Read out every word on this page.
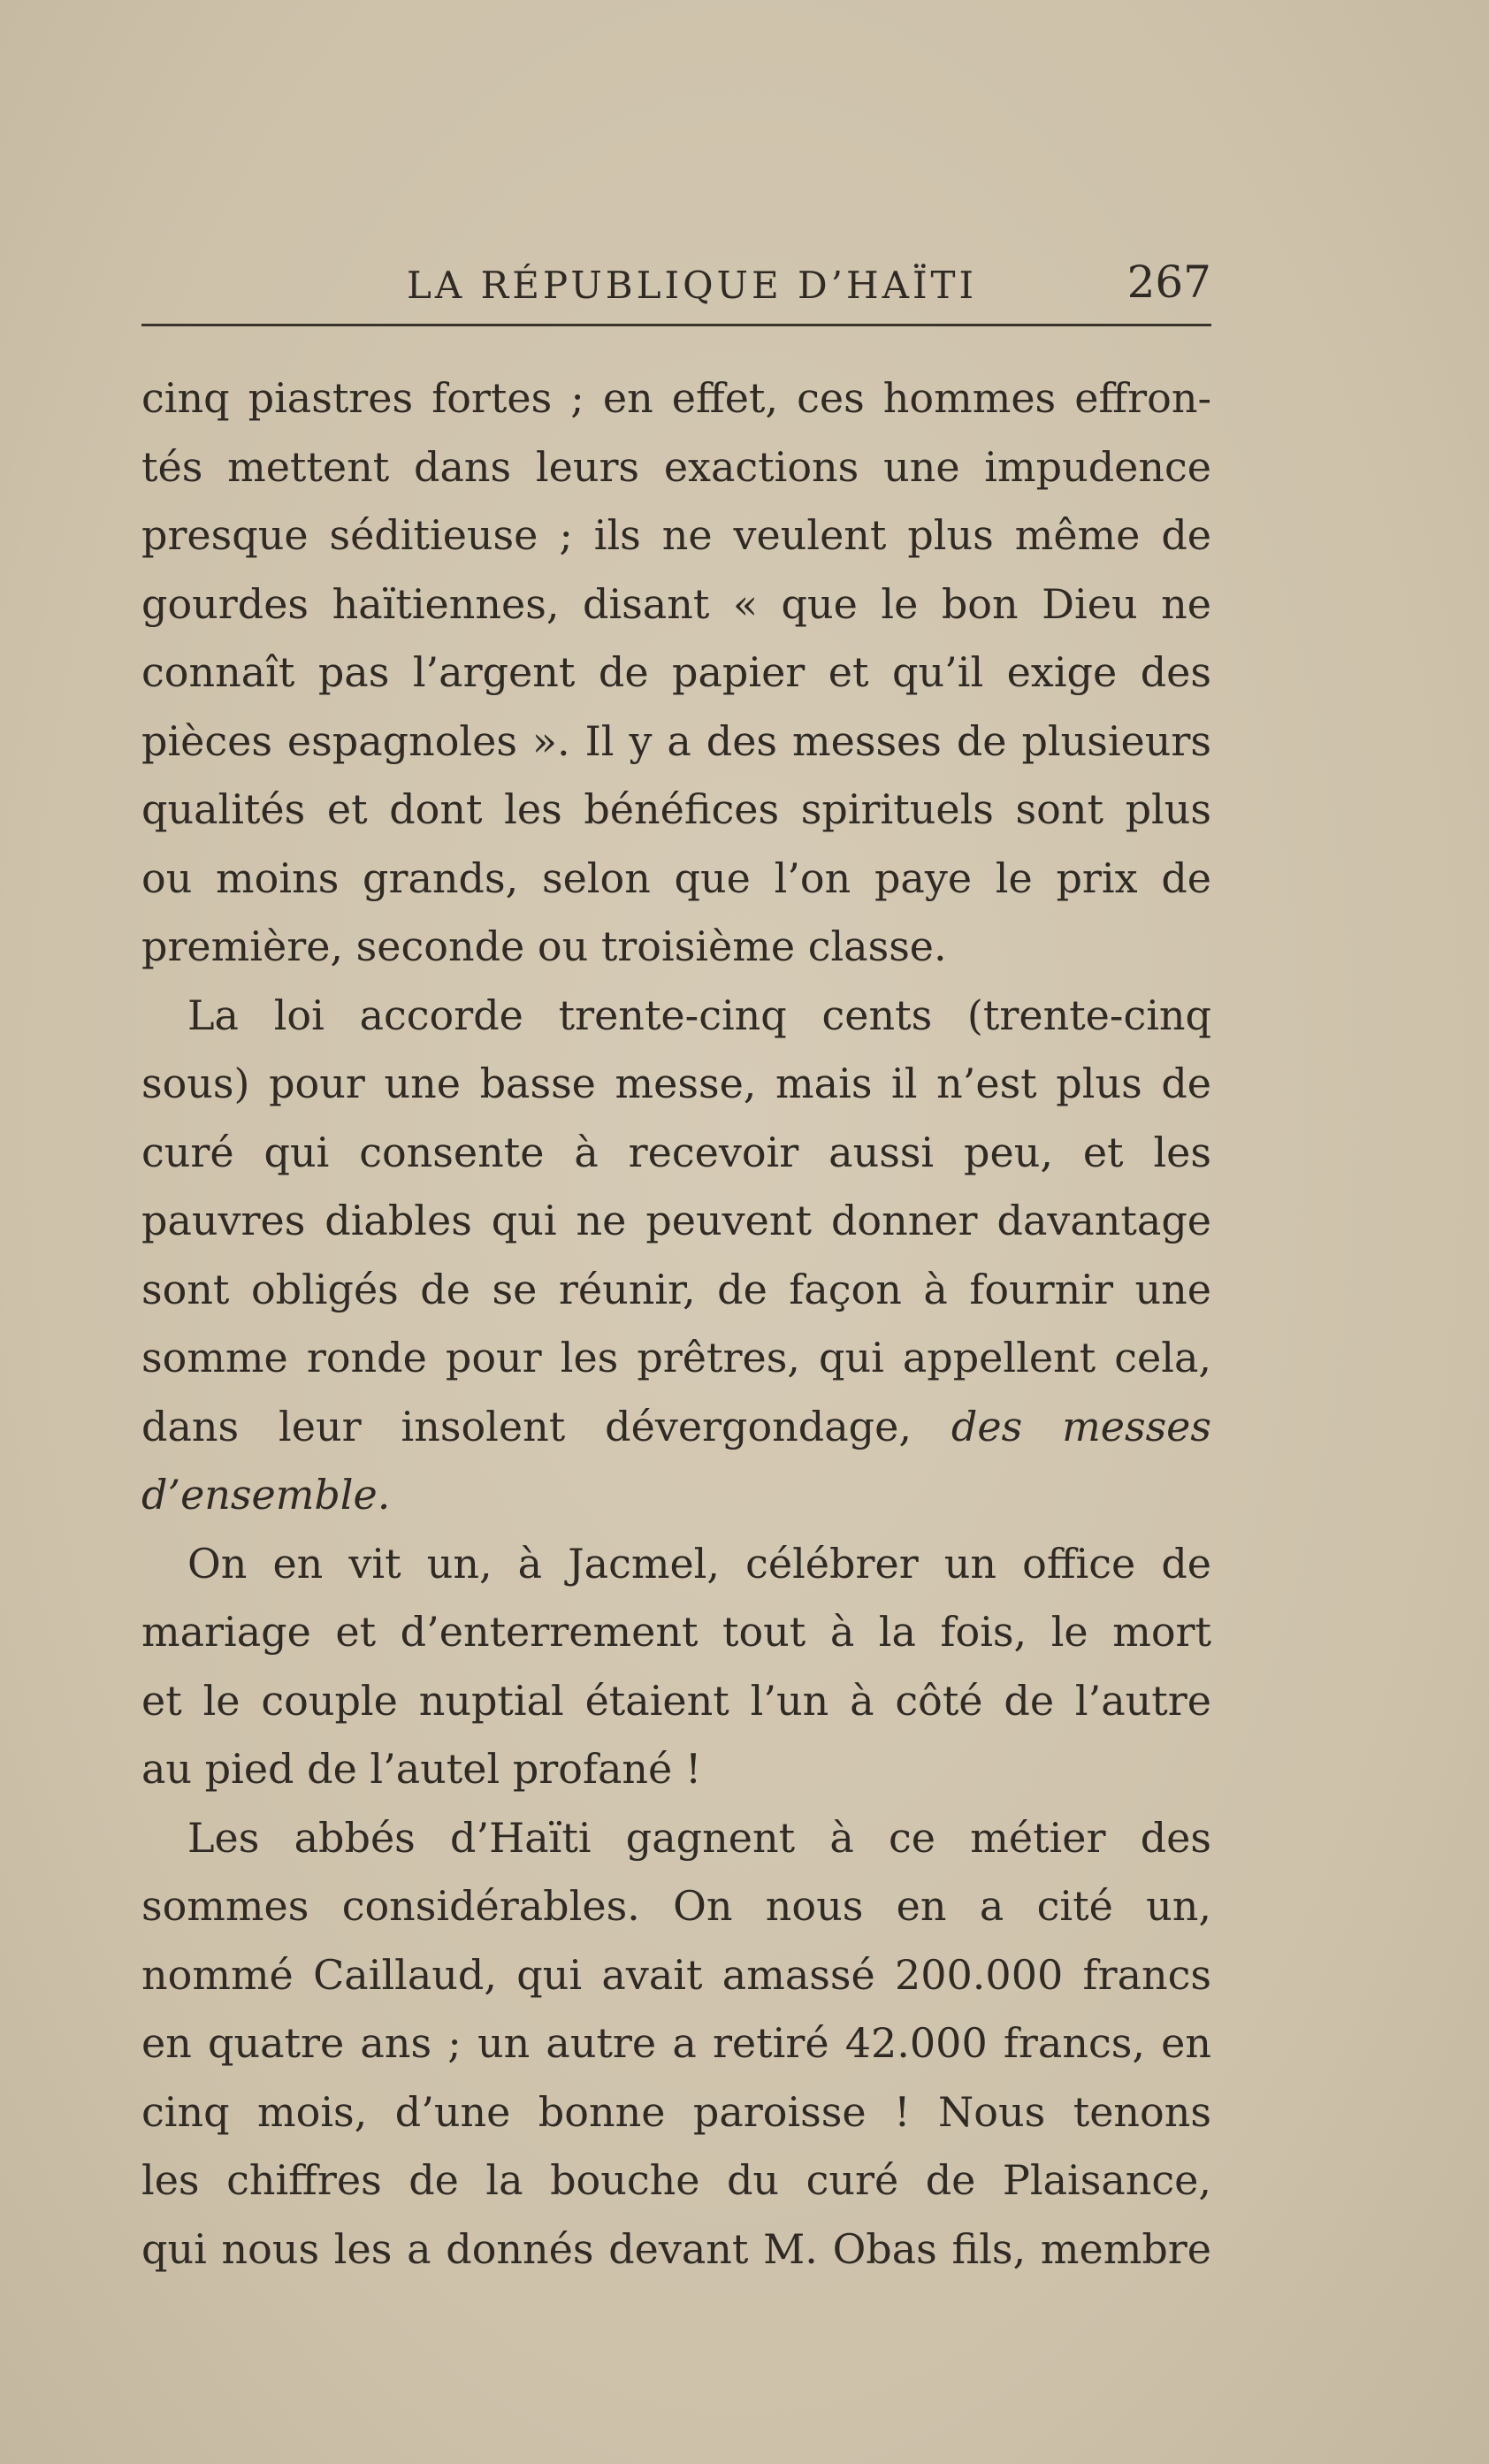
LA RÉPUBLIQUE D’HAÏTI	267
cinq piastres fortes ; en effet, ces hommes effron-
tés mettent dans leurs exactions une impudence
presque séditieuse ; ils ne veulent plus même de
gourdes haïtiennes, disant « que le bon Dieu ne
connaît pas l’argent de papier et qu’il exige des
pièces espagnoles ». Il y a des messes de plusieurs
qualités et dont les bénéfices spirituels sont plus
ou moins grands, selon que l’on paye le prix de
première, seconde ou troisième classe.
La loi accorde trente-cinq cents (trente-cinq
sous) pour une basse messe, mais il n’est plus de
curé qui consente à recevoir aussi peu, et les
pauvres diables qui ne peuvent donner davantage
sont obligés de se réunir, de façon à fournir une
somme ronde pour les prêtres, qui appellent cela,
dans leur insolent dévergondage, des messes
d’ensemble.
On en vit un, à Jacmel, célébrer un office de
mariage et d’enterrement tout à la fois, le mort
et le couple nuptial étaient l’un à côté de l’autre
au pied de l’autel profané !
Les abbés d’Haïti gagnent à ce métier des
sommes considérables. On nous en a cité un,
nommé Caillaud, qui avait amassé 200.000 francs
en quatre ans ; un autre a retiré 42.000 francs, en
cinq mois, d’une bonne paroisse ! Nous tenons
les chiffres de la bouche du curé de Plaisance,
qui nous les a donnés devant M. Obas fils, membre
